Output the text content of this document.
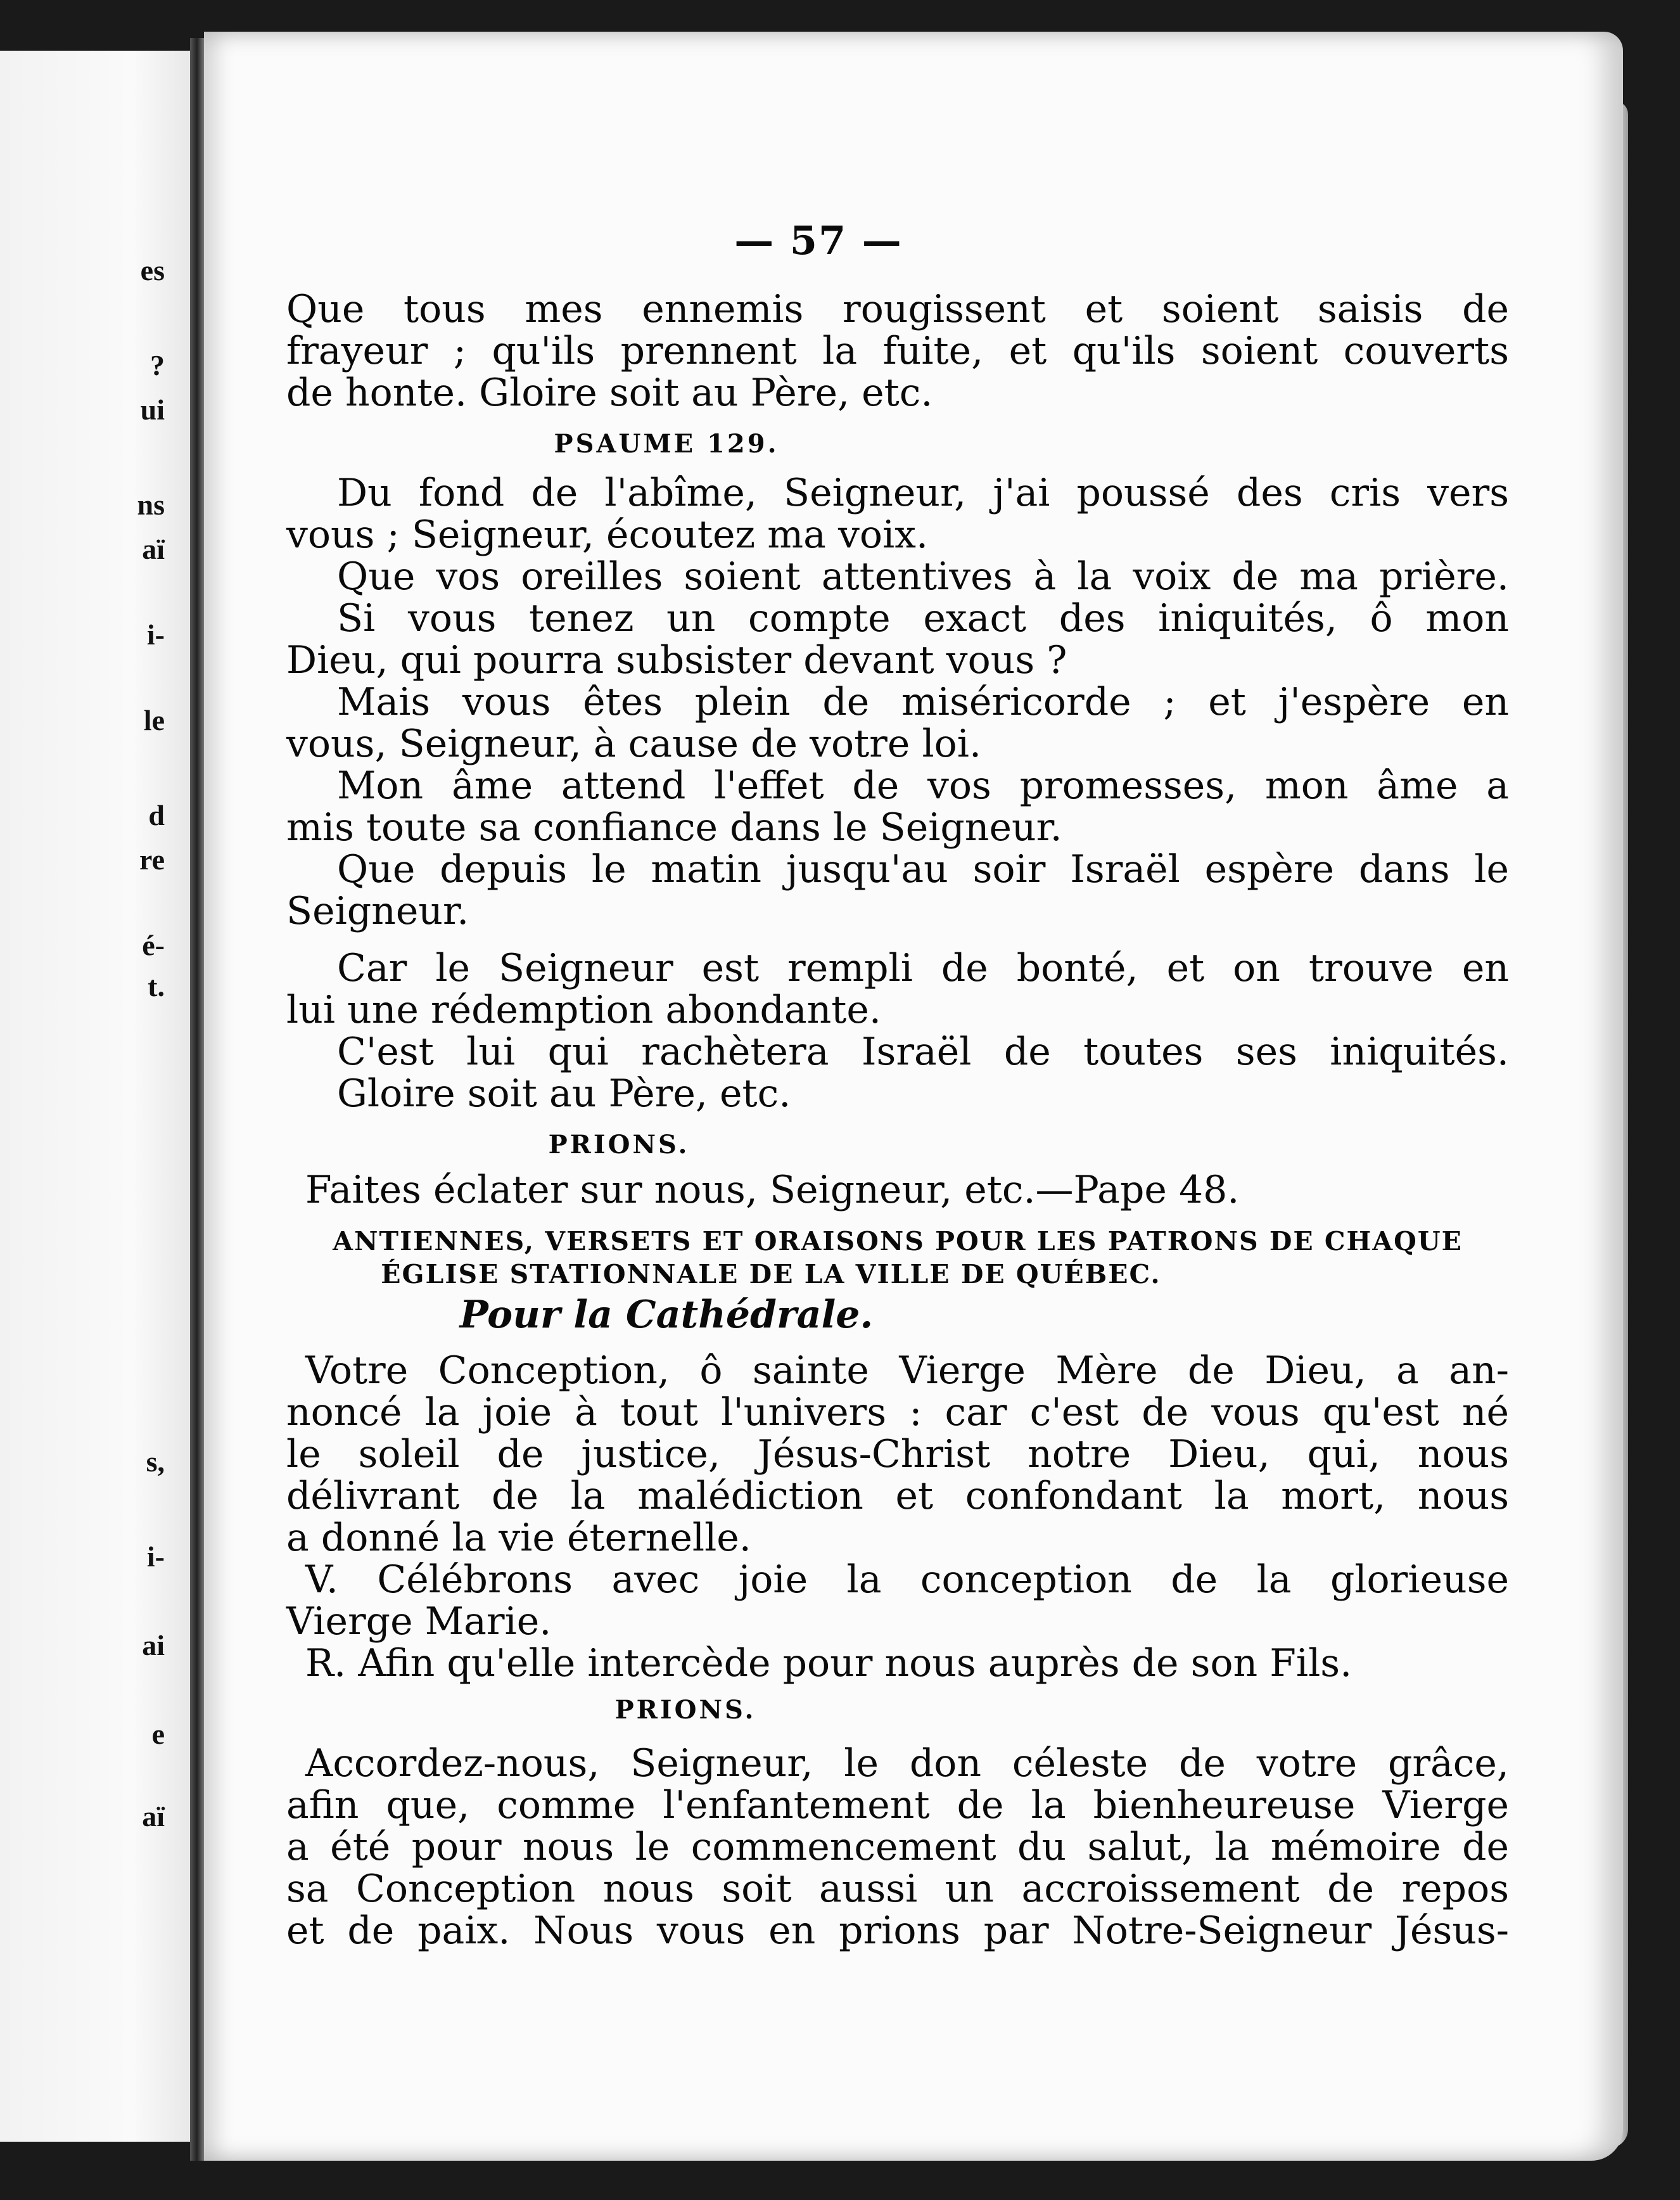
es
?
ui
ns
aï
i-
le
d
re
é-
t.
s,
i-
ai
e
aï
— 57 —
Que tous mes ennemis rougissent et soient saisis de
frayeur ; qu'ils prennent la fuite, et qu'ils soient couverts
de honte. Gloire soit au Père, etc.
PSAUME 129.
Du fond de l'abîme, Seigneur, j'ai poussé des cris vers
vous ; Seigneur, écoutez ma voix.
Que vos oreilles soient attentives à la voix de ma prière.
Si vous tenez un compte exact des iniquités, ô mon
Dieu, qui pourra subsister devant vous ?
Mais vous êtes plein de miséricorde ; et j'espère en
vous, Seigneur, à cause de votre loi.
Mon âme attend l'effet de vos promesses, mon âme a
mis toute sa confiance dans le Seigneur.
Que depuis le matin jusqu'au soir Israël espère dans le
Seigneur.
Car le Seigneur est rempli de bonté, et on trouve en
lui une rédemption abondante.
C'est lui qui rachètera Israël de toutes ses iniquités.
Gloire soit au Père, etc.
PRIONS.
Faites éclater sur nous, Seigneur, etc.—Pape 48.
ANTIENNES, VERSETS ET ORAISONS POUR LES PATRONS DE CHAQUE
ÉGLISE STATIONNALE DE LA VILLE DE QUÉBEC.
Pour la Cathédrale.
Votre Conception, ô sainte Vierge Mère de Dieu, a an-
noncé la joie à tout l'univers : car c'est de vous qu'est né
le soleil de justice, Jésus-Christ notre Dieu, qui, nous
délivrant de la malédiction et confondant la mort, nous
a donné la vie éternelle.
V. Célébrons avec joie la conception de la glorieuse
Vierge Marie.
R. Afin qu'elle intercède pour nous auprès de son Fils.
PRIONS.
Accordez-nous, Seigneur, le don céleste de votre grâce,
afin que, comme l'enfantement de la bienheureuse Vierge
a été pour nous le commencement du salut, la mémoire de
sa Conception nous soit aussi un accroissement de repos
et de paix. Nous vous en prions par Notre-Seigneur Jésus-
